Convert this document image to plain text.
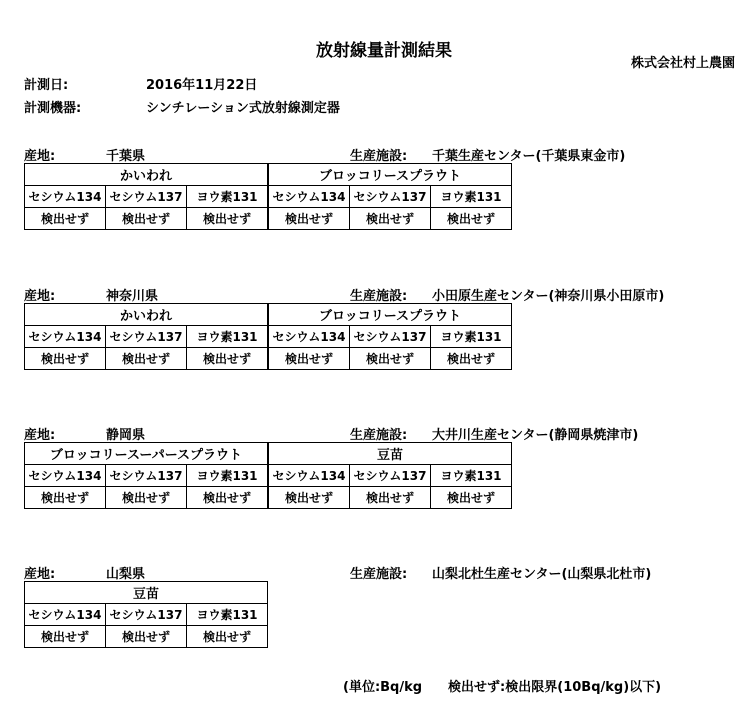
放射線量計測結果
株式会社村上農園
計測日:	2016年11月22日
計測機器:	シンチレーション式放射線測定器
産地:	千葉県	生産施設: 千葉生産センター(千葉県東金市)
かいわれ			ブロッコリースプラウト		
セシウム134	セシウム137	ヨウ素131	セシウム134	セシウム137	ヨウ素131
検出せず	検出せず	検出せず	検出せず	検出せず	検出せず
産地:	神奈川県	生産施設: 小田原生産センター(神奈川県小田原市)
かいわれ			ブロッコリースプラウト		
セシウム134	セシウム137	ヨウ素131	セシウム134	セシウム137	ヨウ素131
検出せず	検出せず	検出せず	検出せず	検出せず	検出せず
産地:	静岡県	生産施設: 大井川生産センター(静岡県焼津市)
ブロッコリースーパースプラウト			豆苗		
セシウム134	セシウム137	ヨウ素131	セシウム134	セシウム137	ヨウ素131
検出せず	検出せず	検出せず	検出せず	検出せず	検出せず
産地:	山梨県	生産施設: 山梨北杜生産センター(山梨県北杜市)
豆苗		
セシウム134	セシウム137	ヨウ素131
検出せず	検出せず	検出せず
(単位:Bq/kg　　検出せず:検出限界(10Bq/kg)以下)
